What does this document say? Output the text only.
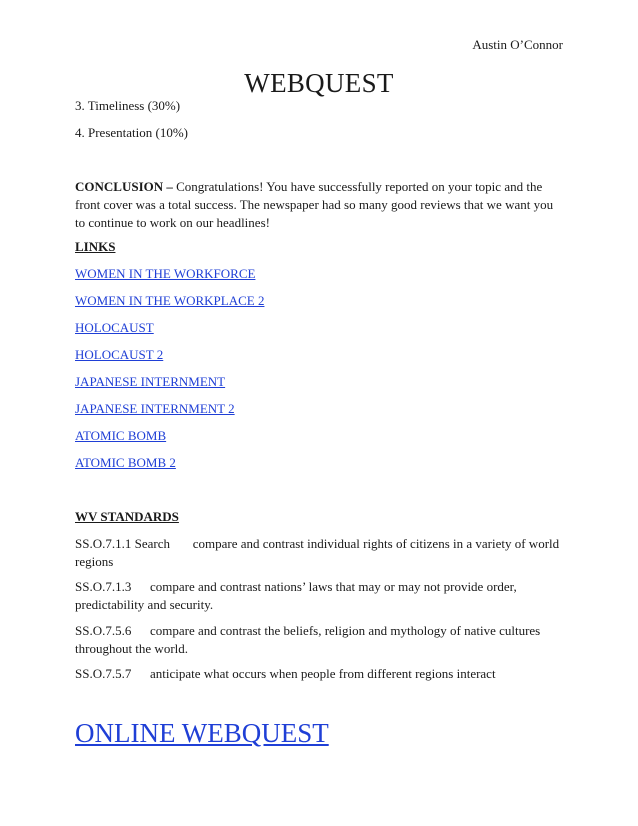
Austin O’Connor
WEBQUEST
3. Timeliness (30%)
4. Presentation (10%)
CONCLUSION – Congratulations! You have successfully reported on your topic and the front cover was a total success. The newspaper had so many good reviews that we want you to continue to work on our headlines!
LINKS
WOMEN IN THE WORKFORCE
WOMEN IN THE WORKPLACE 2
HOLOCAUST
HOLOCAUST 2
JAPANESE INTERNMENT
JAPANESE INTERNMENT 2
ATOMIC BOMB
ATOMIC BOMB 2
WV STANDARDS
SS.O.7.1.1 Search compare and contrast individual rights of citizens in a variety of world regions
SS.O.7.1.3 compare and contrast nations’ laws that may or may not provide order, predictability and security.
SS.O.7.5.6 compare and contrast the beliefs, religion and mythology of native cultures throughout the world.
SS.O.7.5.7 anticipate what occurs when people from different regions interact
ONLINE WEBQUEST
